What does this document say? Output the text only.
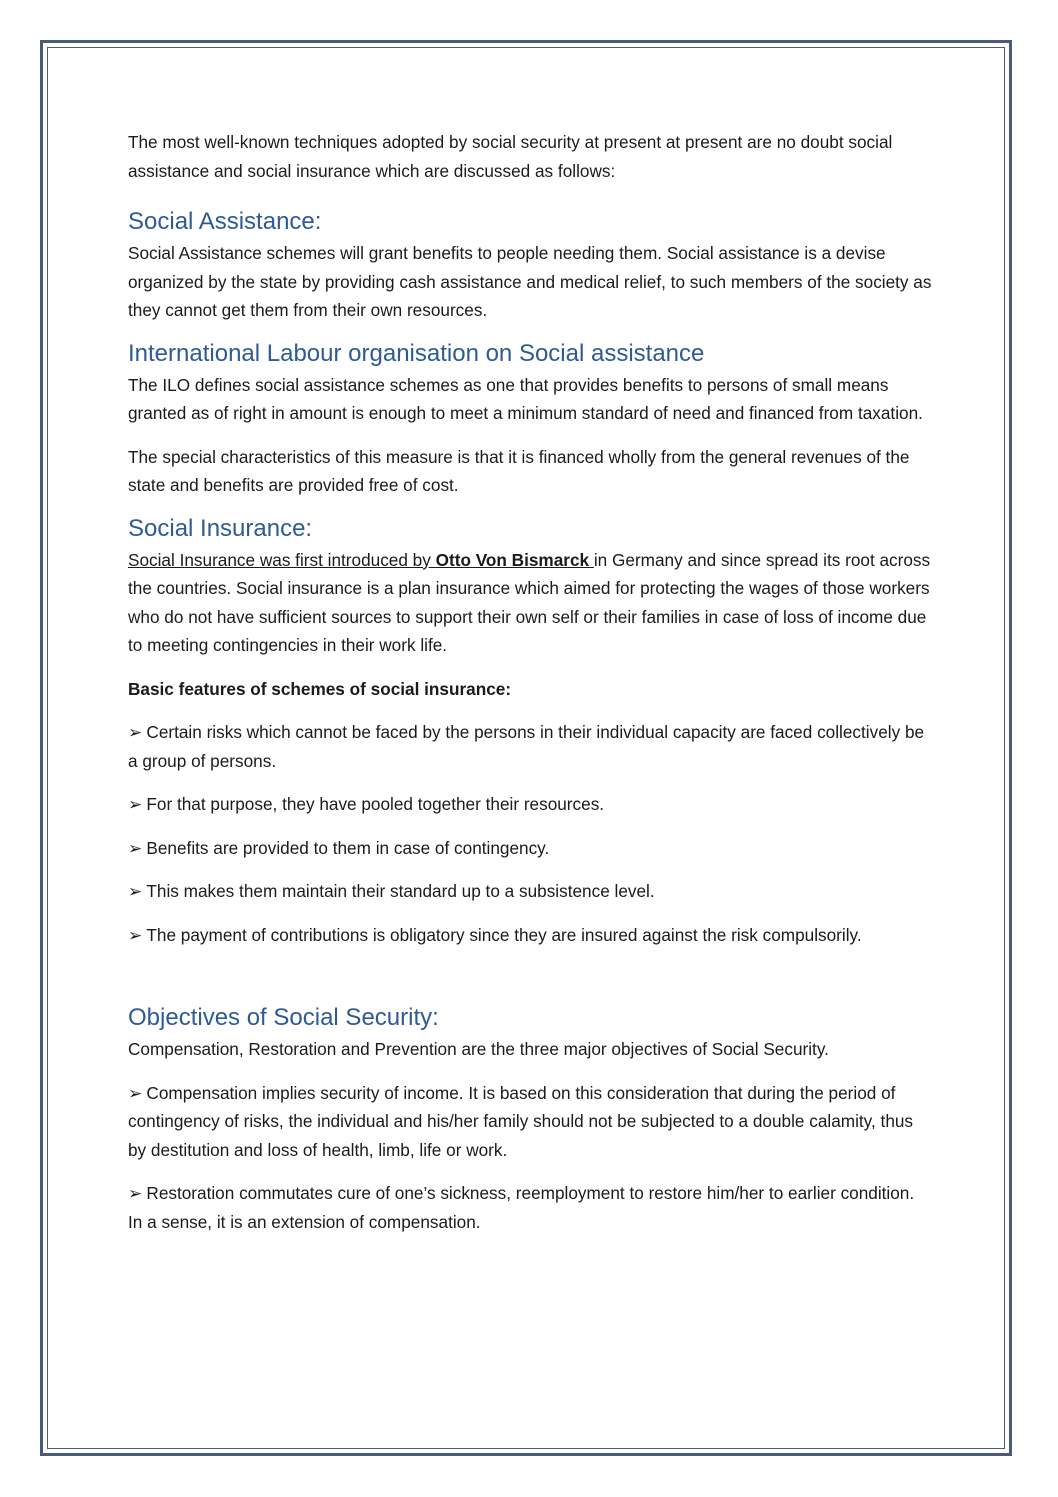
The most well-known techniques adopted by social security at present at present are no doubt social assistance and social insurance which are discussed as follows:

Social Assistance:

Social Assistance schemes will grant benefits to people needing them. Social assistance is a devise organized by the state by providing cash assistance and medical relief, to such members of the society as they cannot get them from their own resources.

International Labour organisation on Social assistance

The ILO defines social assistance schemes as one that provides benefits to persons of small means granted as of right in amount is enough to meet a minimum standard of need and financed from taxation.

The special characteristics of this measure is that it is financed wholly from the general revenues of the state and benefits are provided free of cost.

Social Insurance:

Social Insurance was first introduced by Otto Von Bismarck in Germany and since spread its root across the countries. Social insurance is a plan insurance which aimed for protecting the wages of those workers who do not have sufficient sources to support their own self or their families in case of loss of income due to meeting contingencies in their work life.

Basic features of schemes of social insurance:

➢ Certain risks which cannot be faced by the persons in their individual capacity are faced collectively be a group of persons.

➢ For that purpose, they have pooled together their resources.

➢ Benefits are provided to them in case of contingency.

➢ This makes them maintain their standard up to a subsistence level.

➢ The payment of contributions is obligatory since they are insured against the risk compulsorily.

Objectives of Social Security:

Compensation, Restoration and Prevention are the three major objectives of Social Security.

➢ Compensation implies security of income. It is based on this consideration that during the period of contingency of risks, the individual and his/her family should not be subjected to a double calamity, thus by destitution and loss of health, limb, life or work.

➢ Restoration commutates cure of one’s sickness, reemployment to restore him/her to earlier condition. In a sense, it is an extension of compensation.
